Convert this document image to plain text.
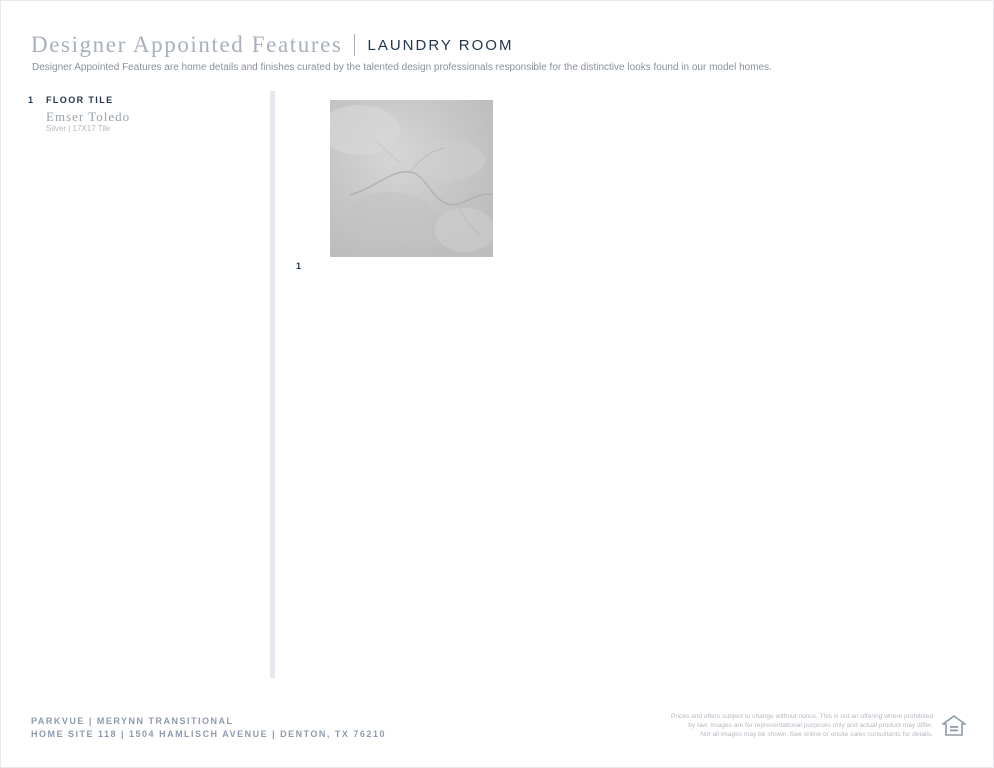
Designer Appointed Features LAUNDRY ROOM
Designer Appointed Features are home details and finishes curated by the talented design professionals responsible for the distinctive looks found in our model homes.
1 FLOOR TILE
Emser Toledo
Silver | 17X17 Tile
1
PARKVUE | MERYNN TRANSITIONAL
HOME SITE 118 | 1504 HAMLISCH AVENUE | DENTON, TX 76210
Prices and offers subject to change without notice. This is not an offering where prohibited
by law. Images are for representational purposes only and actual product may differ.
Not all images may be shown. See online or onsite sales consultants for details.
